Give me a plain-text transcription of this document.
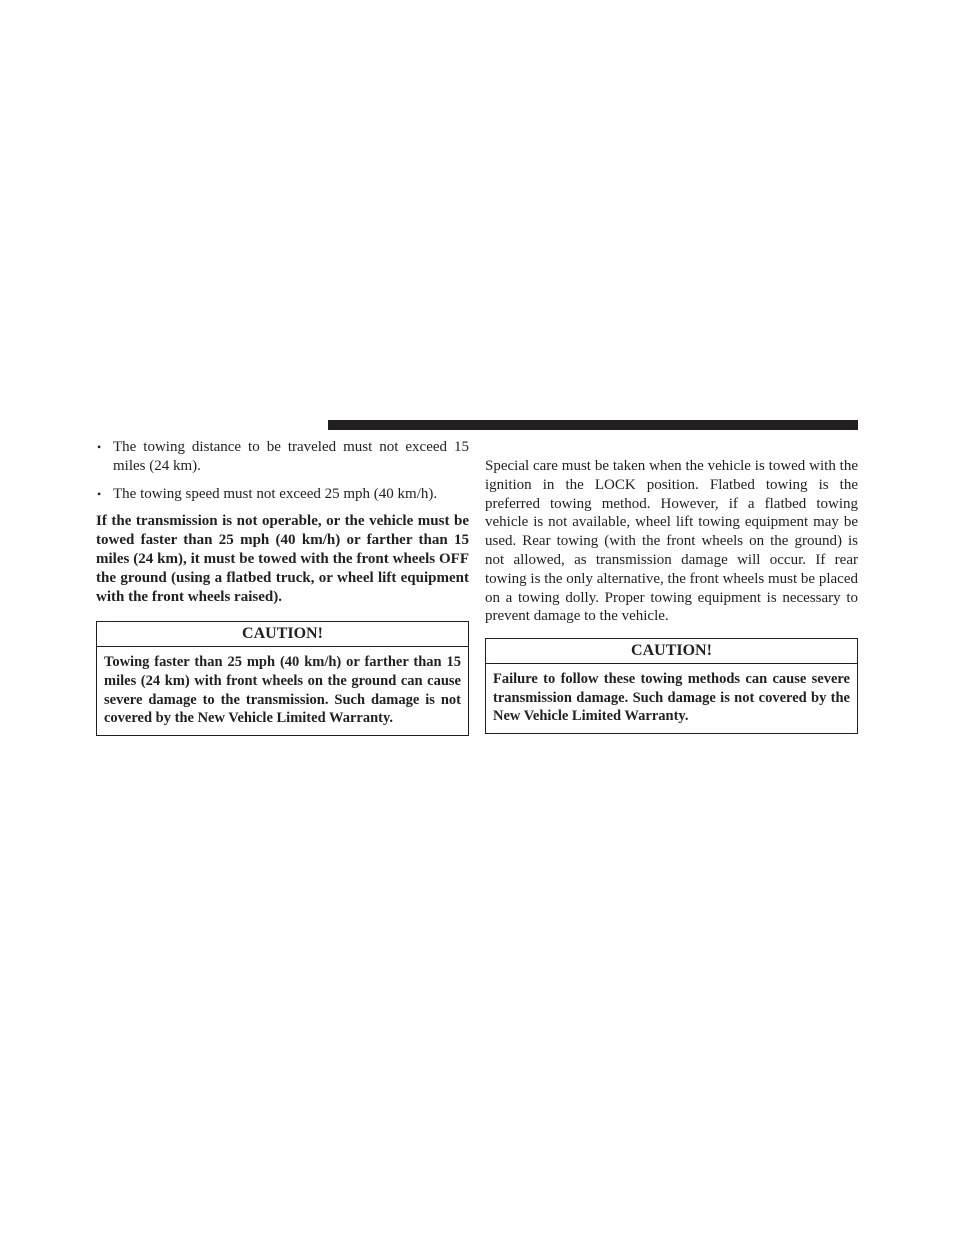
• The towing distance to be traveled must not exceed 15 miles (24 km).
• The towing speed must not exceed 25 mph (40 km/h).

If the transmission is not operable, or the vehicle must be towed faster than 25 mph (40 km/h) or farther than 15 miles (24 km), it must be towed with the front wheels OFF the ground (using a flatbed truck, or wheel lift equipment with the front wheels raised).

CAUTION!
Towing faster than 25 mph (40 km/h) or farther than 15 miles (24 km) with front wheels on the ground can cause severe damage to the transmission. Such damage is not covered by the New Vehicle Limited Warranty.

Special care must be taken when the vehicle is towed with the ignition in the LOCK position. Flatbed towing is the preferred towing method. However, if a flatbed towing vehicle is not available, wheel lift towing equipment may be used. Rear towing (with the front wheels on the ground) is not allowed, as transmission damage will occur. If rear towing is the only alternative, the front wheels must be placed on a towing dolly. Proper towing equipment is necessary to prevent damage to the vehicle.

CAUTION!
Failure to follow these towing methods can cause severe transmission damage. Such damage is not covered by the New Vehicle Limited Warranty.
